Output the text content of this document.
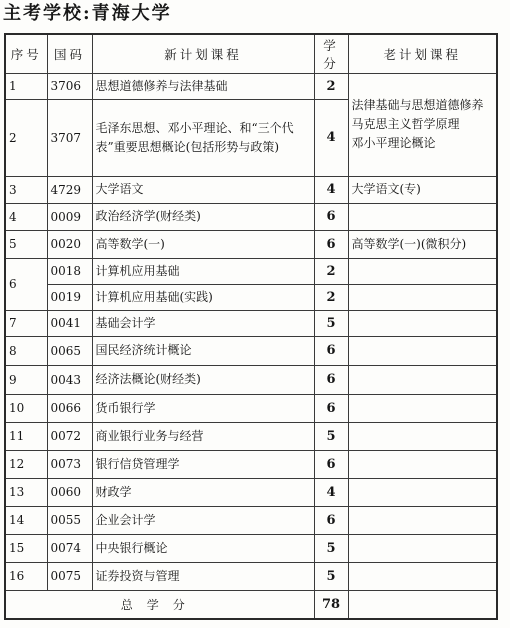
主考学校:青海大学
序号	国码	新计划课程	学分	老计划课程
1	3706	思想道德修养与法律基础	2	法律基础与思想道德修养
马克思主义哲学原理
邓小平理论概论

2	3707	毛泽东思想、邓小平理论、和“三个代表”重要思想概论(包括形势与政策)	4	
3	4729	大学语文	4	大学语文(专)
4	0009	政治经济学(财经类)	6	
5	0020	高等数学(一)	6	高等数学(一)(微积分)
6	0018	计算机应用基础	2	
	0019	计算机应用基础(实践)	2	
7	0041	基础会计学	5	
8	0065	国民经济统计概论	6	
9	0043	经济法概论(财经类)	6	
10	0066	货币银行学	6	
11	0072	商业银行业务与经营	5	
12	0073	银行信贷管理学	6	
13	0060	财政学	4	
14	0055	企业会计学	6	
15	0074	中央银行概论	5	
16	0075	证券投资与管理	5	
总学分			78	
